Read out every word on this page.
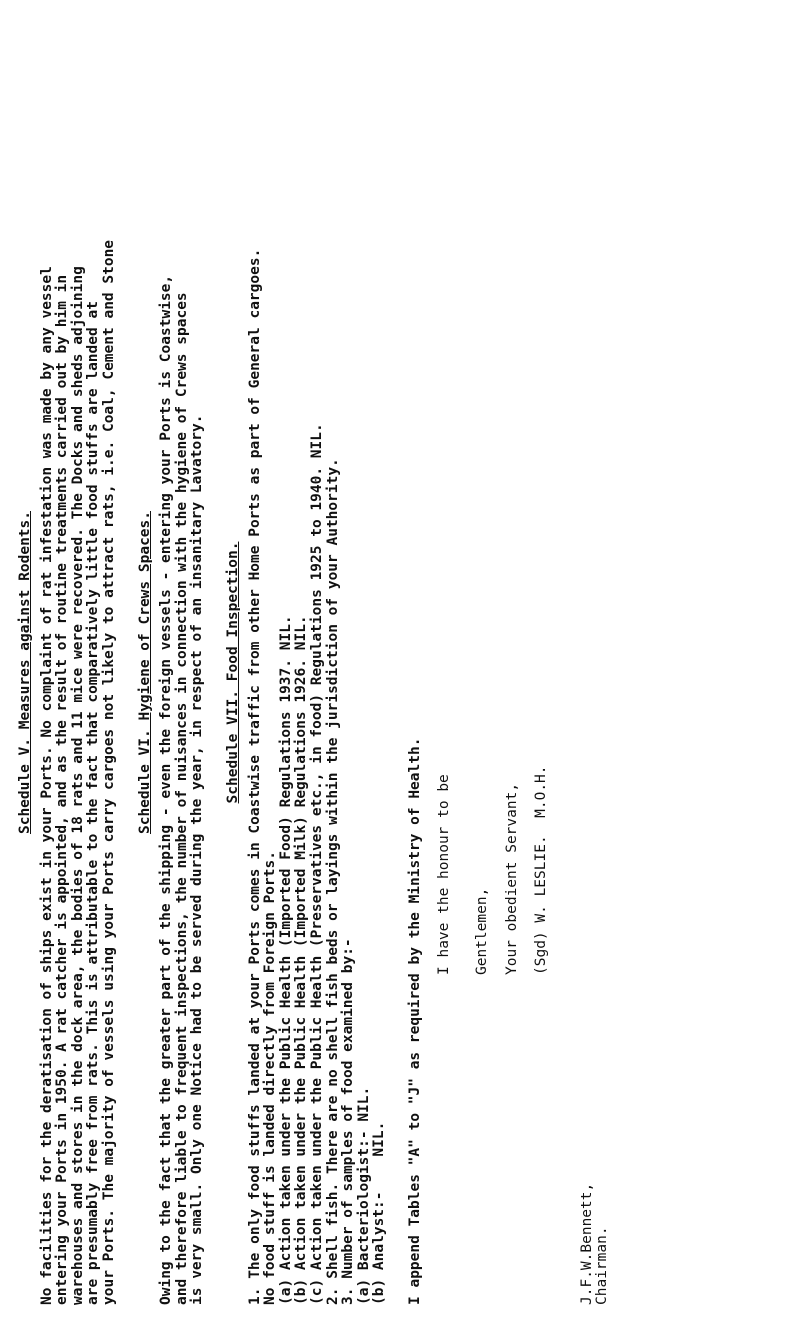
Schedule V. Measures against Rodents. No facilities for the deratisation of ships exist in your Ports. No complaint of rat infestation was made by any vessel entering your Ports in 1950. A rat catcher is appointed, and as the result of routine treatments carried out by him in warehouses and stores in the dock area, the bodies of 18 rats and 11 mice were recovered. The Docks and sheds adjoining are presumably free from rats. This is attributable to the fact that comparatively little food stuffs are landed at your Ports. The majority of vessels using your Ports carry cargoes not likely to attract rats, i.e. Coal, Cement and Stone Schedule VI. Hygiene of Crews Spaces. Owing to the fact that the greater part of the shipping - even the foreign vessels - entering your Ports is Coastwise, and therefore liable to frequent inspections, the number of nuisances in connection with the hygiene of Crews spaces is very small. Only one Notice had to be served during the year, in respect of an insanitary Lavatory. Schedule VII. Food Inspection. 1. The only food stuffs landed at your Ports comes in Coastwise traffic from other Home Ports as part of General cargoes. No food stuff is landed directly from Foreign Ports. (a) Action taken under the Public Health (Imported Food) Regulations 1937. NIL. (b) Action taken under the Public Health (Imported Milk) Regulations 1926. NIL. (c) Action taken under the Public Health (Preservatives etc., in food) Regulations 1925 to 1940. NIL. 2. Shell fish. There are no shell fish beds or layings within the jurisdiction of your Authority. 3. Number of samples of food examined by:- (a) Bacteriologist:- NIL. (b) Analyst:-    NIL. I append Tables "A" to "J" as required by the Ministry of Health. I have the honour to be Gentlemen, Your obedient Servant, (Sgd) W. LESLIE.  M.O.H.
J.F.W.Bennett, Chairman.
